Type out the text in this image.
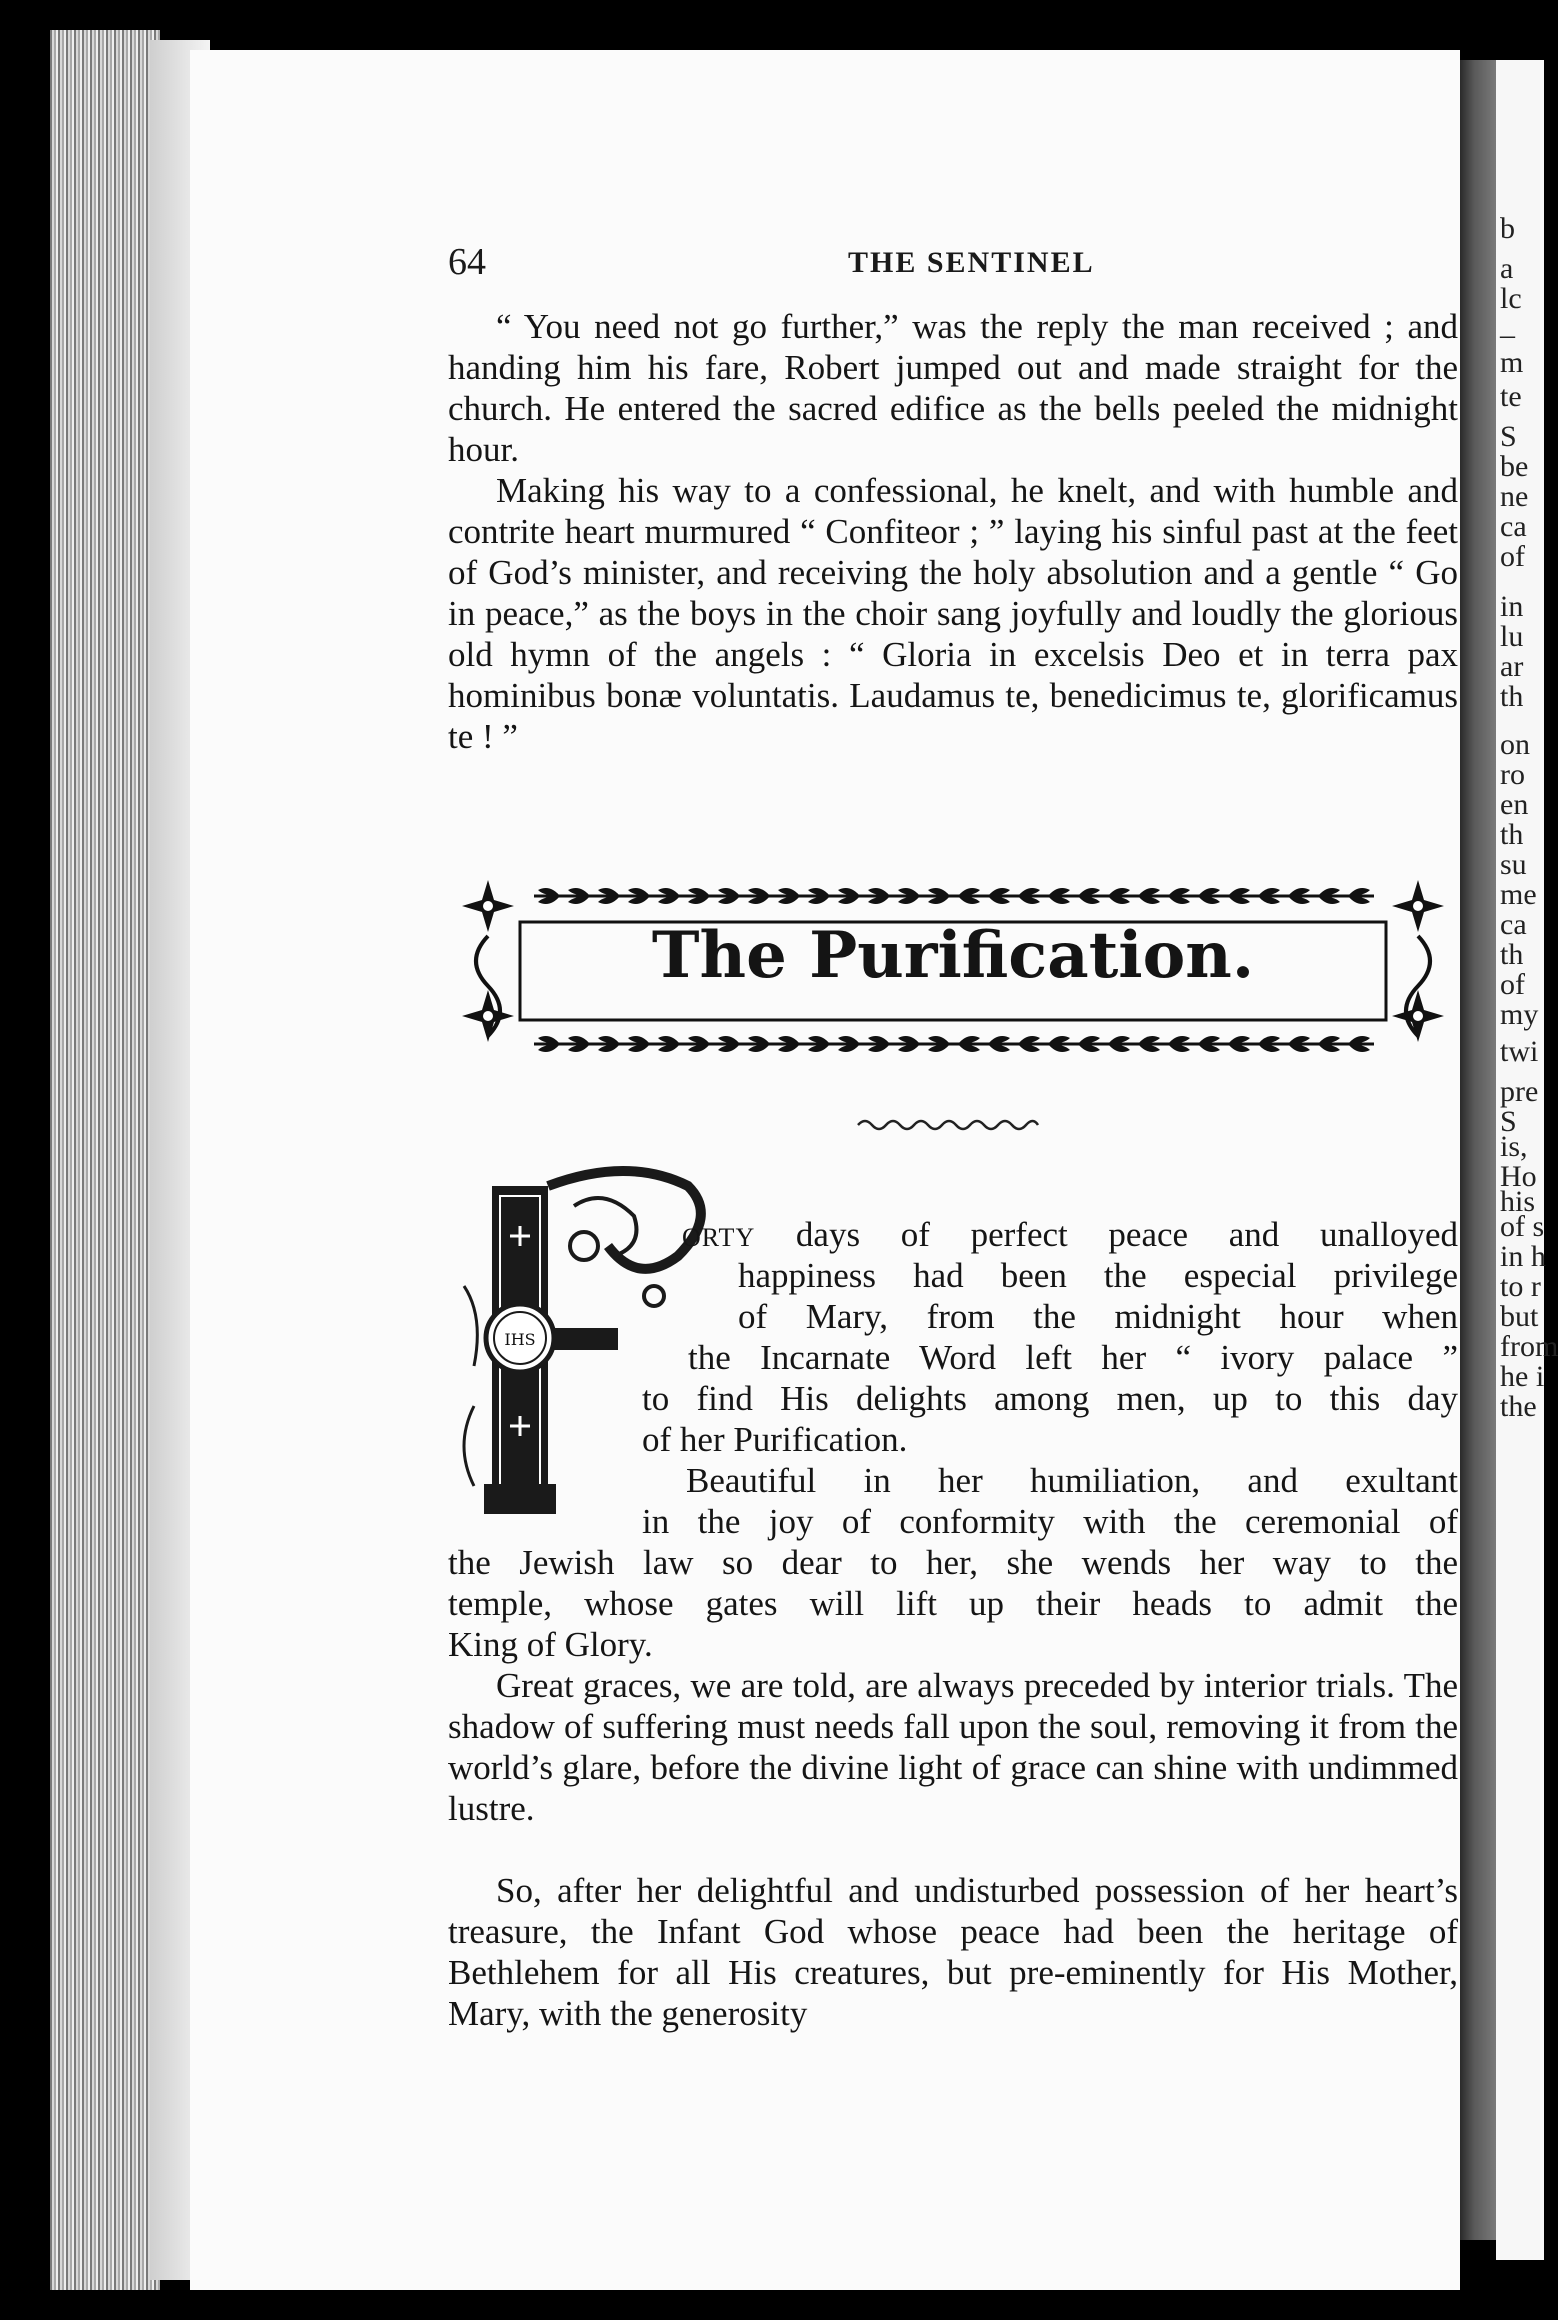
b
a
lc
–
m
te
S
be
ne
ca
of
in
lu
ar
th
on
ro
en
th
su
me
ca
th
of
my
twi
pre
S
is,
Ho
his
of s
in h
to r
but
from
he i
the
64	THE SENTINEL

“ You need not go further,” was the reply the man received ; and handing him his fare, Robert jumped out and made straight for the church. He entered the sacred edifice as the bells peeled the midnight hour.

Making his way to a confessional, he knelt, and with humble and contrite heart murmured “ Confiteor ; ” laying his sinful past at the feet of God’s minister, and receiving the holy absolution and a gentle “ Go in peace,” as the boys in the choir sang joyfully and loudly the glorious old hymn of the angels : “ Gloria in excelsis Deo et in terra pax hominibus bonæ voluntatis. Laudamus te, benedicimus te, glorificamus te ! ”

The Purification.
IHS
ORTY days of perfect peace and unalloyed
happiness had been the especial privilege
of Mary, from the midnight hour when
the Incarnate Word left her “ ivory palace ”
to find His delights among men, up to this day
of her Purification.
Beautiful in her humiliation, and exultant
in the joy of conformity with the ceremonial of
the Jewish law so dear to her, she wends her way to the
temple, whose gates will lift up their heads to admit the
King of Glory.

Great graces, we are told, are always preceded by interior trials. The shadow of suffering must needs fall upon the soul, removing it from the world’s glare, before the divine light of grace can shine with undimmed lustre.

So, after her delightful and undisturbed possession of her heart’s treasure, the Infant God whose peace had been the heritage of Bethlehem for all His creatures, but pre-eminently for His Mother, Mary, with the generosity
